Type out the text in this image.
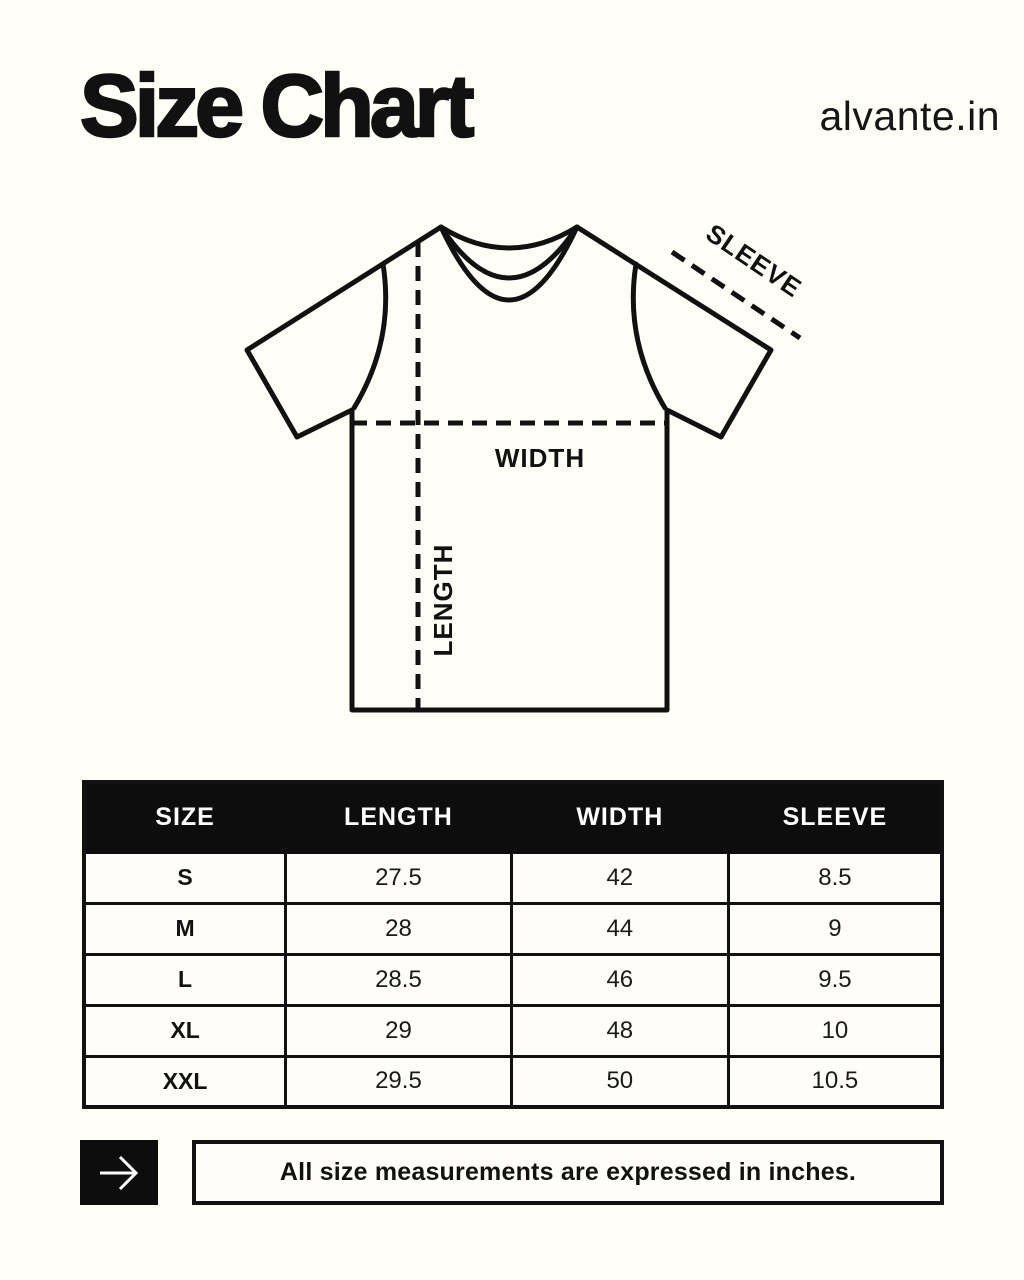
Size Chart	alvante.in
WIDTH
LENGTH
SLEEVE
SIZE	LENGTH	WIDTH	SLEEVE
S	27.5	42	8.5
M	28	44	9
L	28.5	46	9.5
XL	29	48	10
XXL	29.5	50	10.5
All size measurements are expressed in inches.
